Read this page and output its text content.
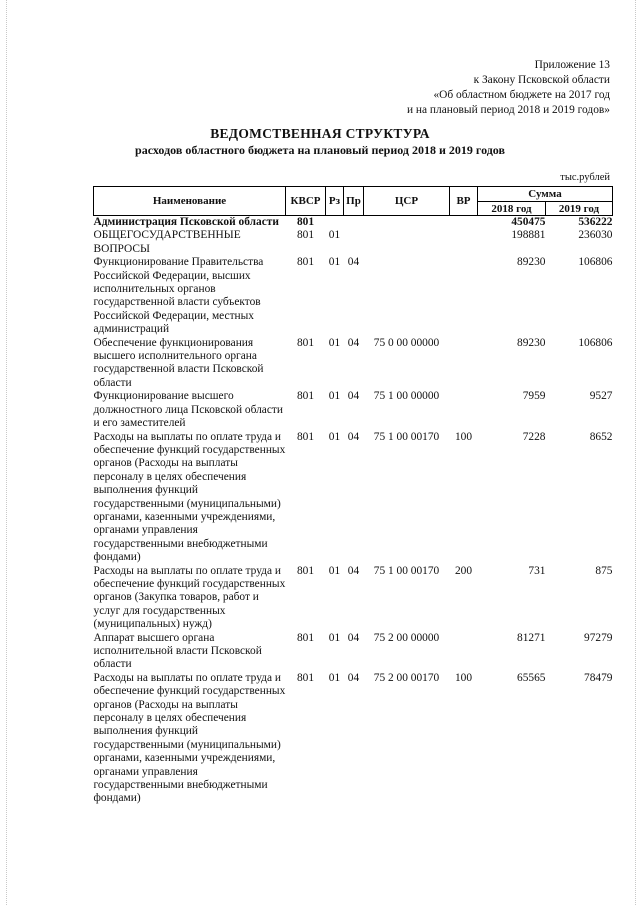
Приложение 13
к Закону Псковской области
«Об областном бюджете на 2017 год
и на плановый период 2018 и 2019 годов»
ВЕДОМСТВЕННАЯ СТРУКТУРА
расходов областного бюджета на плановый период 2018 и 2019 годов
тыс.рублей
Наименование	КВСР	Рз	Пр	ЦСР	ВР	Сумма	
						2018 год	2019 год
Администрация Псковской области	801					450475	536222
ОБЩЕГОСУДАРСТВЕННЫЕ ВОПРОСЫ	801	01				198881	236030
Функционирование Правительства Российской Федерации, высших исполнительных органов государственной власти субъектов Российской Федерации, местных администраций	801	01	04			89230	106806
Обеспечение функционирования высшего исполнительного органа государственной власти Псковской области	801	01	04	75 0 00 00000		89230	106806
Функционирование высшего должностного лица Псковской области и его заместителей	801	01	04	75 1 00 00000		7959	9527
Расходы на выплаты по оплате труда и обеспечение функций государственных органов (Расходы на выплаты персоналу в целях обеспечения выполнения функций государственными (муниципальными) органами, казенными учреждениями, органами управления государственными внебюджетными фондами)	801	01	04	75 1 00 00170	100	7228	8652
Расходы на выплаты по оплате труда и обеспечение функций государственных органов (Закупка товаров, работ и услуг для государственных (муниципальных) нужд)	801	01	04	75 1 00 00170	200	731	875
Аппарат высшего органа исполнительной власти Псковской области	801	01	04	75 2 00 00000		81271	97279
Расходы на выплаты по оплате труда и обеспечение функций государственных органов (Расходы на выплаты персоналу в целях обеспечения выполнения функций государственными (муниципальными) органами, казенными учреждениями, органами управления государственными внебюджетными фондами)	801	01	04	75 2 00 00170	100	65565	78479
